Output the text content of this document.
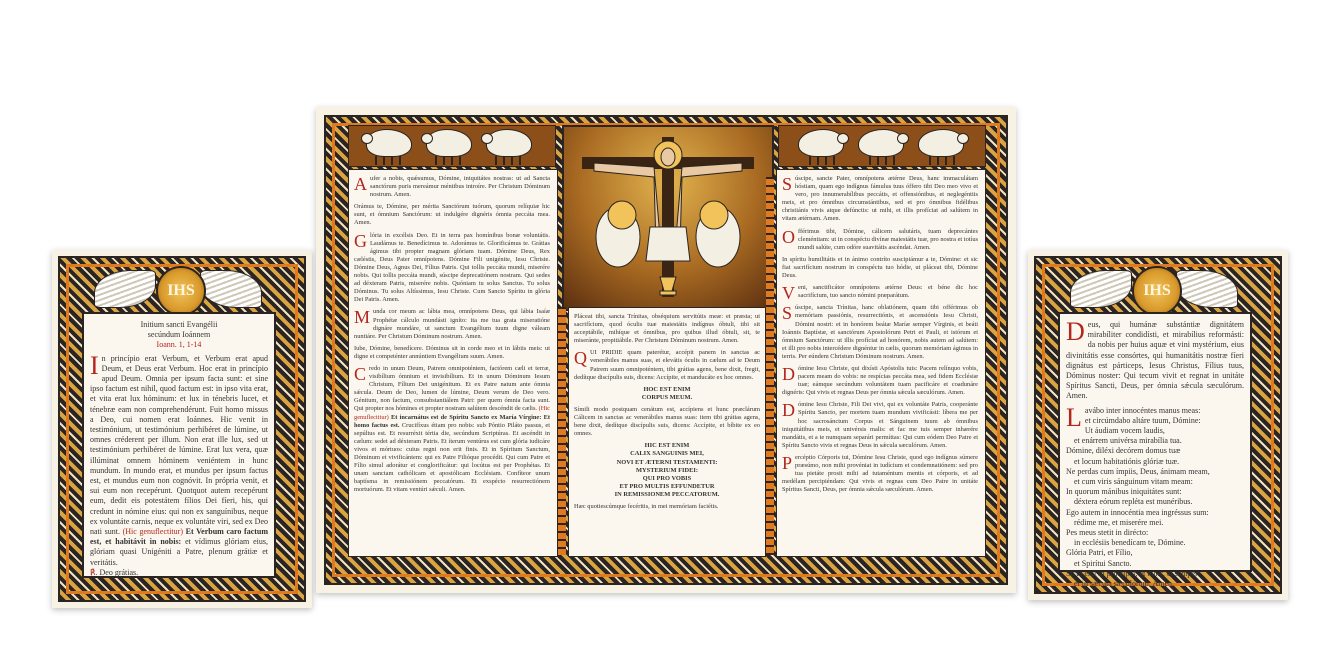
IHS
Initium sancti Evangélii
secúndum Ioánnem
Ioann. 1, 1-14

In princípio erat Verbum, et Verbum erat apud Deum, et Deus erat Verbum. Hoc erat in princípio apud Deum. Omnia per ipsum facta sunt: et sine ipso factum est nihil, quod factum est: in ipso vita erat, et vita erat lux hóminum: et lux in ténebris lucet, et ténebræ eam non comprehendérunt. Fuit homo missus a Deo, cui nomen erat Ioánnes. Hic venit in testimónium, ut testimónium perhibéret de lúmine, ut omnes créderent per illum. Non erat ille lux, sed ut testimónium perhibéret de lúmine. Erat lux vera, quæ illúminat omnem hóminem veniéntem in hunc mundum. In mundo erat, et mundus per ipsum factus est, et mundus eum non cognóvit. In própria venit, et sui eum non recepérunt. Quotquot autem recepérunt eum, dedit eis potestátem fílios Dei fíeri, his, qui credunt in nómine eius: qui non ex sanguínibus, neque ex voluntáte carnis, neque ex voluntáte viri, sed ex Deo nati sunt. (Hic genuflectitur) Et Verbum caro factum est, et habitávit in nobis: et vídimus glóriam eius, glóriam quasi Unigéniti a Patre, plenum grátiæ et veritátis.
℟. Deo grátias.

Aufer a nobis, quǽsumus, Dómine, iniquitátes nostras: ut ad Sancta sanctórum puris mereámur méntibus introíre. Per Christum Dóminum nostrum. Amen.

Orámus te, Dómine, per mérita Sanctórum tuórum, quorum relíquiæ hic sunt, et ómnium Sanctórum: ut indulgére dignéris ómnia peccáta mea. Amen.

Glória in excélsis Deo. Et in terra pax homínibus bonæ voluntátis. Laudámus te. Benedícimus te. Adorámus te. Glorificámus te. Grátias ágimus tibi propter magnam glóriam tuam. Dómine Deus, Rex cæléstis, Deus Pater omnípotens. Dómine Fili unigénite, Iesu Christe. Dómine Deus, Agnus Dei, Fílius Patris. Qui tollis peccáta mundi, miserére nobis. Qui tollis peccáta mundi, súscipe deprecatiónem nostram. Qui sedes ad déxteram Patris, miserére nobis. Quóniam tu solus Sanctus. Tu solus Dóminus. Tu solus Altíssimus, Iesu Christe. Cum Sancto Spíritu in glória Dei Patris. Amen.

Munda cor meum ac lábia mea, omnípotens Deus, qui lábia Isaíæ Prophétæ cálculo mundásti igníto: ita me tua grata miseratióne dignáre mundáre, ut sanctum Evangélium tuum digne váleam nuntiáre. Per Christum Dóminum nostrum. Amen.

Iube, Dómine, benedícere. Dóminus sit in corde meo et in lábiis meis: ut digne et competénter annúntiem Evangélium suum. Amen.

Credo in unum Deum, Patrem omnipoténtem, factórem cæli et terræ, visibílium ómnium et invisibílium. Et in unum Dóminum Iesum Christum, Fílium Dei unigénitum. Et ex Patre natum ante ómnia sǽcula. Deum de Deo, lumen de lúmine, Deum verum de Deo vero. Génitum, non factum, consubstantiálem Patri: per quem ómnia facta sunt. Qui propter nos hómines et propter nostram salútem descéndit de cælis. (Hic genuflectitur) Et incarnátus est de Spíritu Sancto ex María Vírgine: Et homo factus est. Crucifíxus étiam pro nobis: sub Póntio Piláto passus, et sepúltus est. Et resurréxit tértia die, secúndum Scriptúras. Et ascéndit in cælum: sedet ad déxteram Patris. Et íterum ventúrus est cum glória iudicáre vivos et mórtuos: cuius regni non erit finis. Et in Spíritum Sanctum, Dóminum et vivificántem: qui ex Patre Filióque procédit. Qui cum Patre et Fílio simul adorátur et conglorificátur: qui locútus est per Prophétas. Et unam sanctam cathólicam et apostólicam Ecclésiam. Confíteor unum baptísma in remissiónem peccatórum. Et exspécto resurrectiónem mortuórum. Et vitam ventúri sǽculi. Amen.

Pláceat tibi, sancta Trínitas, obséquium servitútis meæ: et præsta; ut sacrifícium, quod óculis tuæ maiestátis indígnus óbtuli, tibi sit acceptábile, mihíque et ómnibus, pro quibus illud óbtuli, sit, te miseránte, propitiábile. Per Christum Dóminum nostrum. Amen.

QUI PRIDIE quam paterétur, accépit panem in sanctas ac venerábiles manus suas, et elevátis óculis in cælum ad te Deum Patrem suum omnipoténtem, tibi grátias agens, bene dixit, fregit, dedítque discípulis suis, dicens: Accípite, et manducáte ex hoc omnes.

HOC EST ENIM
CORPUS MEUM.

Símili modo postquam cenátum est, accípiens et hunc præclárum Cálicem in sanctas ac venerábiles manus suas: item tibi grátias agens, bene dixit, dedítque discípulis suis, dicens: Accípite, et bíbite ex eo omnes.

HIC EST ENIM
CALIX SANGUINIS MEI,
NOVI ET ÆTERNI TESTAMENTI:
MYSTERIUM FIDEI:
QUI PRO VOBIS
ET PRO MULTIS EFFUNDETUR
IN REMISSIONEM PECCATORUM.

Hæc quotiescúmque fecéritis, in mei memóriam faciétis.

Súscipe, sancte Pater, omnípotens ætérne Deus, hanc immaculátam hóstiam, quam ego indígnus fámulus tuus óffero tibi Deo meo vivo et vero, pro innumerabílibus peccátis, et offensiónibus, et neglegéntiis meis, et pro ómnibus circumstántibus, sed et pro ómnibus fidélibus christiánis vivis atque defúnctis: ut mihi, et illis profíciat ad salútem in vitam ætérnam. Amen.

Offérimus tibi, Dómine, cálicem salutáris, tuam deprecántes cleméntiam: ut in conspéctu divínæ maiestátis tuæ, pro nostra et totíus mundi salúte, cum odóre suavitátis ascéndat. Amen.

In spíritu humilitátis et in ánimo contríto suscipiámur a te, Dómine: et sic fiat sacrifícium nostrum in conspéctu tuo hódie, ut pláceat tibi, Dómine Deus.

Veni, sanctificátor omnípotens ætérne Deus: et béne dic hoc sacrifícium, tuo sancto nómini præparátum.

Súscipe, sancta Trínitas, hanc oblatiónem, quam tibi offérimus ob memóriam passiónis, resurrectiónis, et ascensiónis Iesu Christi, Dómini nostri: et in honórem beátæ Maríæ semper Vírginis, et beáti Ioánnis Baptístæ, et sanctórum Apostolórum Petri et Pauli, et istórum et ómnium Sanctórum: ut illis profíciat ad honórem, nobis autem ad salútem: et illi pro nobis intercédere dignéntur in cælis, quorum memóriam ágimus in terris. Per eúndem Christum Dóminum nostrum. Amen.

Dómine Iesu Christe, qui dixísti Apóstolis tuis: Pacem relínquo vobis, pacem meam do vobis: ne respícias peccáta mea, sed fidem Ecclésiæ tuæ; eámque secúndum voluntátem tuam pacificáre et coadunáre dignéris: Qui vivis et regnas Deus per ómnia sǽcula sæculórum. Amen.

Dómine Iesu Christe, Fili Dei vivi, qui ex voluntáte Patris, cooperánte Spíritu Sancto, per mortem tuam mundum vivificásti: líbera me per hoc sacrosánctum Corpus et Sánguinem tuum ab ómnibus iniquitátibus meis, et univérsis malis: et fac me tuis semper inhærére mandátis, et a te numquam separári permíttas: Qui cum eódem Deo Patre et Spíritu Sancto vivis et regnas Deus in sǽcula sæculórum. Amen.

Percéptio Córporis tui, Dómine Iesu Christe, quod ego indígnus súmere præsúmo, non mihi provéniat in iudícium et condemnatiónem: sed pro tua pietáte prosit mihi ad tutaméntum mentis et córporis, et ad medélam percipiéndam: Qui vivis et regnas cum Deo Patre in unitáte Spíritus Sancti, Deus, per ómnia sǽcula sæculórum. Amen.

IHS

Deus, qui humánæ substántiæ dignitátem mirabíliter condidísti, et mirabílius reformásti: da nobis per huius aquæ et vini mystérium, eius divinitátis esse consórtes, qui humanitátis nostræ fíeri dignátus est párticeps, Iesus Christus, Fílius tuus, Dóminus noster: Qui tecum vivit et regnat in unitáte Spíritus Sancti, Deus, per ómnia sǽcula sæculórum. Amen.

L avábo inter innocéntes manus meas:
et circúmdabo altáre tuum, Dómine:
Ut áudiam vocem laudis,
et enárrem univérsa mirabília tua.
Dómine, diléxi decórem domus tuæ
et locum habitatiónis glóriæ tuæ.
Ne perdas cum ímpiis, Deus, ánimam meam,
et cum viris sánguinum vitam meam:
In quorum mánibus iniquitátes sunt:
déxtera eórum repléta est munéribus.
Ego autem in innocéntia mea ingréssus sum:
rédime me, et miserére mei.
Pes meus stetit in dirécto:
in ecclésiis benedícam te, Dómine.
Glória Patri, et Fílio,
et Spirítui Sancto.
Sicut erat in princípio, et nunc, et semper:
et in sǽcula sæculórum. Amen.
